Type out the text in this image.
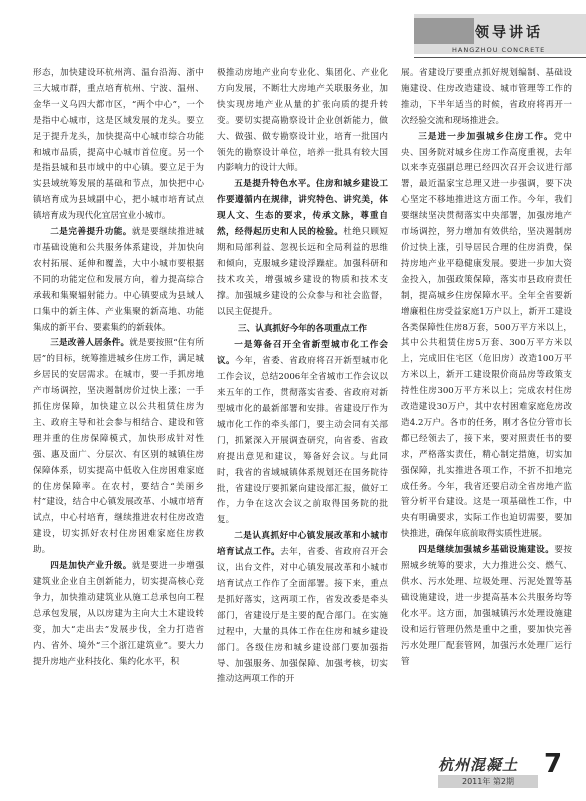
领导讲话
HANGZHOU CONCRETE

形态，加快建设环杭州湾、温台沿海、浙中三大城市群，重点培育杭州、宁波、温州、金华一义乌四大都市区，“两个中心”，一个是指中心城市，这是区域发展的龙头。要立足于提升龙头，加快提高中心城市综合功能和城市品质，提高中心城市首位度。另一个是指县城和县市域中的中心镇。要立足于为实县域统筹发展的基础和节点，加快把中心镇培育成为县域副中心，把小城市培育试点镇培育成为现代化宜居宜业小城市。

二是完善提升功能。就是要继续推进城市基础设施和公共服务体系建设，并加快向农村拓展、延伸和覆盖，大中小城市要根据不同的功能定位和发展方向，着力提高综合承载和集聚辐射能力。中心镇要成为县域人口集中的新主体、产业集聚的新高地、功能集成的新平台、要素集约的新载体。

三是改善人居条件。就是要按照“住有所居”的目标，统筹推进城乡住房工作，满足城乡居民的安居需求。在城市，要一手抓房地产市场调控，坚决遏制房价过快上涨；一手抓住房保障，加快建立以公共租赁住房为主、政府主导和社会参与相结合、建设和管理并重的住房保障模式，加快形成针对性强、惠及面广、分层次、有区别的城镇住房保障体系，切实提高中低收入住房困难家庭的住房保障率。在农村，要结合“美丽乡村”建设，结合中心镇发展改革、小城市培育试点，中心村培育，继续推进农村住房改造建设，切实抓好农村住房困难家庭住房救助。

四是加快产业升级。就是要进一步增强建筑业企业自主创新能力，切实提高核心竞争力，加快推动建筑业从施工总承包向工程总承包发展，从以房建为主向大土木建设转变，加大“走出去”发展步伐，全力打造省内、省外、境外“三个浙江建筑业”。要大力提升房地产业科技化、集约化水平，积

极推动房地产业向专业化、集团化、产业化方向发展，不断壮大房地产关联服务业，加快实现房地产业从量的扩张向质的提升转变。要切实提高勘察设计企业创新能力，做大、做强、做专勘察设计业，培育一批国内领先的勘察设计单位，培养一批具有较大国内影响力的设计大师。

五是提升特色水平。住房和城乡建设工作要遵循内在规律，讲究特色、讲究美，体现人文、生态的要求，传承文脉，尊重自然，经得起历史和人民的检验。杜绝只顾短期和局部利益、忽视长远和全局利益的思维和倾向，克服城乡建设浮躁症。加强科研和技术攻关，增强城乡建设的物质和技术支撑。加强城乡建设的公众参与和社会监督，以民主促提升。

三、认真抓好今年的各项重点工作

一是筹备召开全省新型城市化工作会议。今年，省委、省政府将召开新型城市化工作会议，总结2006年全省城市工作会议以来五年的工作，贯彻落实省委、省政府对新型城市化的最新部署和安排。省建设厅作为城市化工作的牵头部门，要主动会同有关部门，抓紧深入开展调查研究，向省委、省政府提出意见和建议，筹备好会议。与此同时，我省的省域城镇体系规划还在国务院待批，省建设厅要抓紧向建设部汇报，做好工作，力争在这次会议之前取得国务院的批复。

二是认真抓好中心镇发展改革和小城市培育试点工作。去年，省委、省政府召开会议，出台文件，对中心镇发展改革和小城市培育试点工作作了全面部署。接下来，重点是抓好落实，这两项工作，省发改委是牵头部门，省建设厅是主要的配合部门。在实施过程中，大量的具体工作在住房和城乡建设部门。各级住房和城乡建设部门要加强指导、加强服务、加强保障、加强考核，切实推动这两项工作的开

展。省建设厅要重点抓好规划编制、基础设施建设、住房改造建设、城市管理等工作的推动，下半年适当的时候，省政府将再开一次经验交流和现场推进会。

三是进一步加强城乡住房工作。党中央、国务院对城乡住房工作高度重视，去年以来李克强副总理已经四次召开会议进行部署，最近温家宝总理又进一步强调，要下决心坚定不移地推进这方面工作。今年，我们要继续坚决贯彻落实中央部署，加强房地产市场调控，努力增加有效供给，坚决遏制房价过快上涨，引导居民合理的住房消费，保持房地产业平稳健康发展。要进一步加大资金投入，加强政策保障，落实市县政府责任制，提高城乡住房保障水平。全年全省要新增廉租住房受益家庭1万户以上，新开工建设各类保障性住房8万套，500万平方米以上，其中公共租赁住房5万套、300万平方米以上，完成旧住宅区（危旧房）改造100万平方米以上，新开工建设限价商品房等政策支持性住房300万平方米以上；完成农村住房改造建设30万户，其中农村困难家庭危房改造4.2万户。各市的任务，刚才各位分管市长都已经领去了，接下来，要对照责任书的要求，严格落实责任，精心制定措施，切实加强保障，扎实推进各项工作，不折不扣地完成任务。今年，我省还要启动全省房地产监管分析平台建设。这是一项基础性工作，中央有明确要求，实际工作也迫切需要，要加快推进，确保年底前取得实质性进展。

四是继续加强城乡基础设施建设。要按照城乡统筹的要求，大力推进公交、燃气、供水、污水处理、垃圾处理、污泥处置等基础设施建设，进一步提高基本公共服务均等化水平。这方面，加强城镇污水处理设施建设和运行管理仍然是重中之重，要加快完善污水处理厂配套管网，加强污水处理厂运行管

杭州混凝土 7
2011年 第2期
